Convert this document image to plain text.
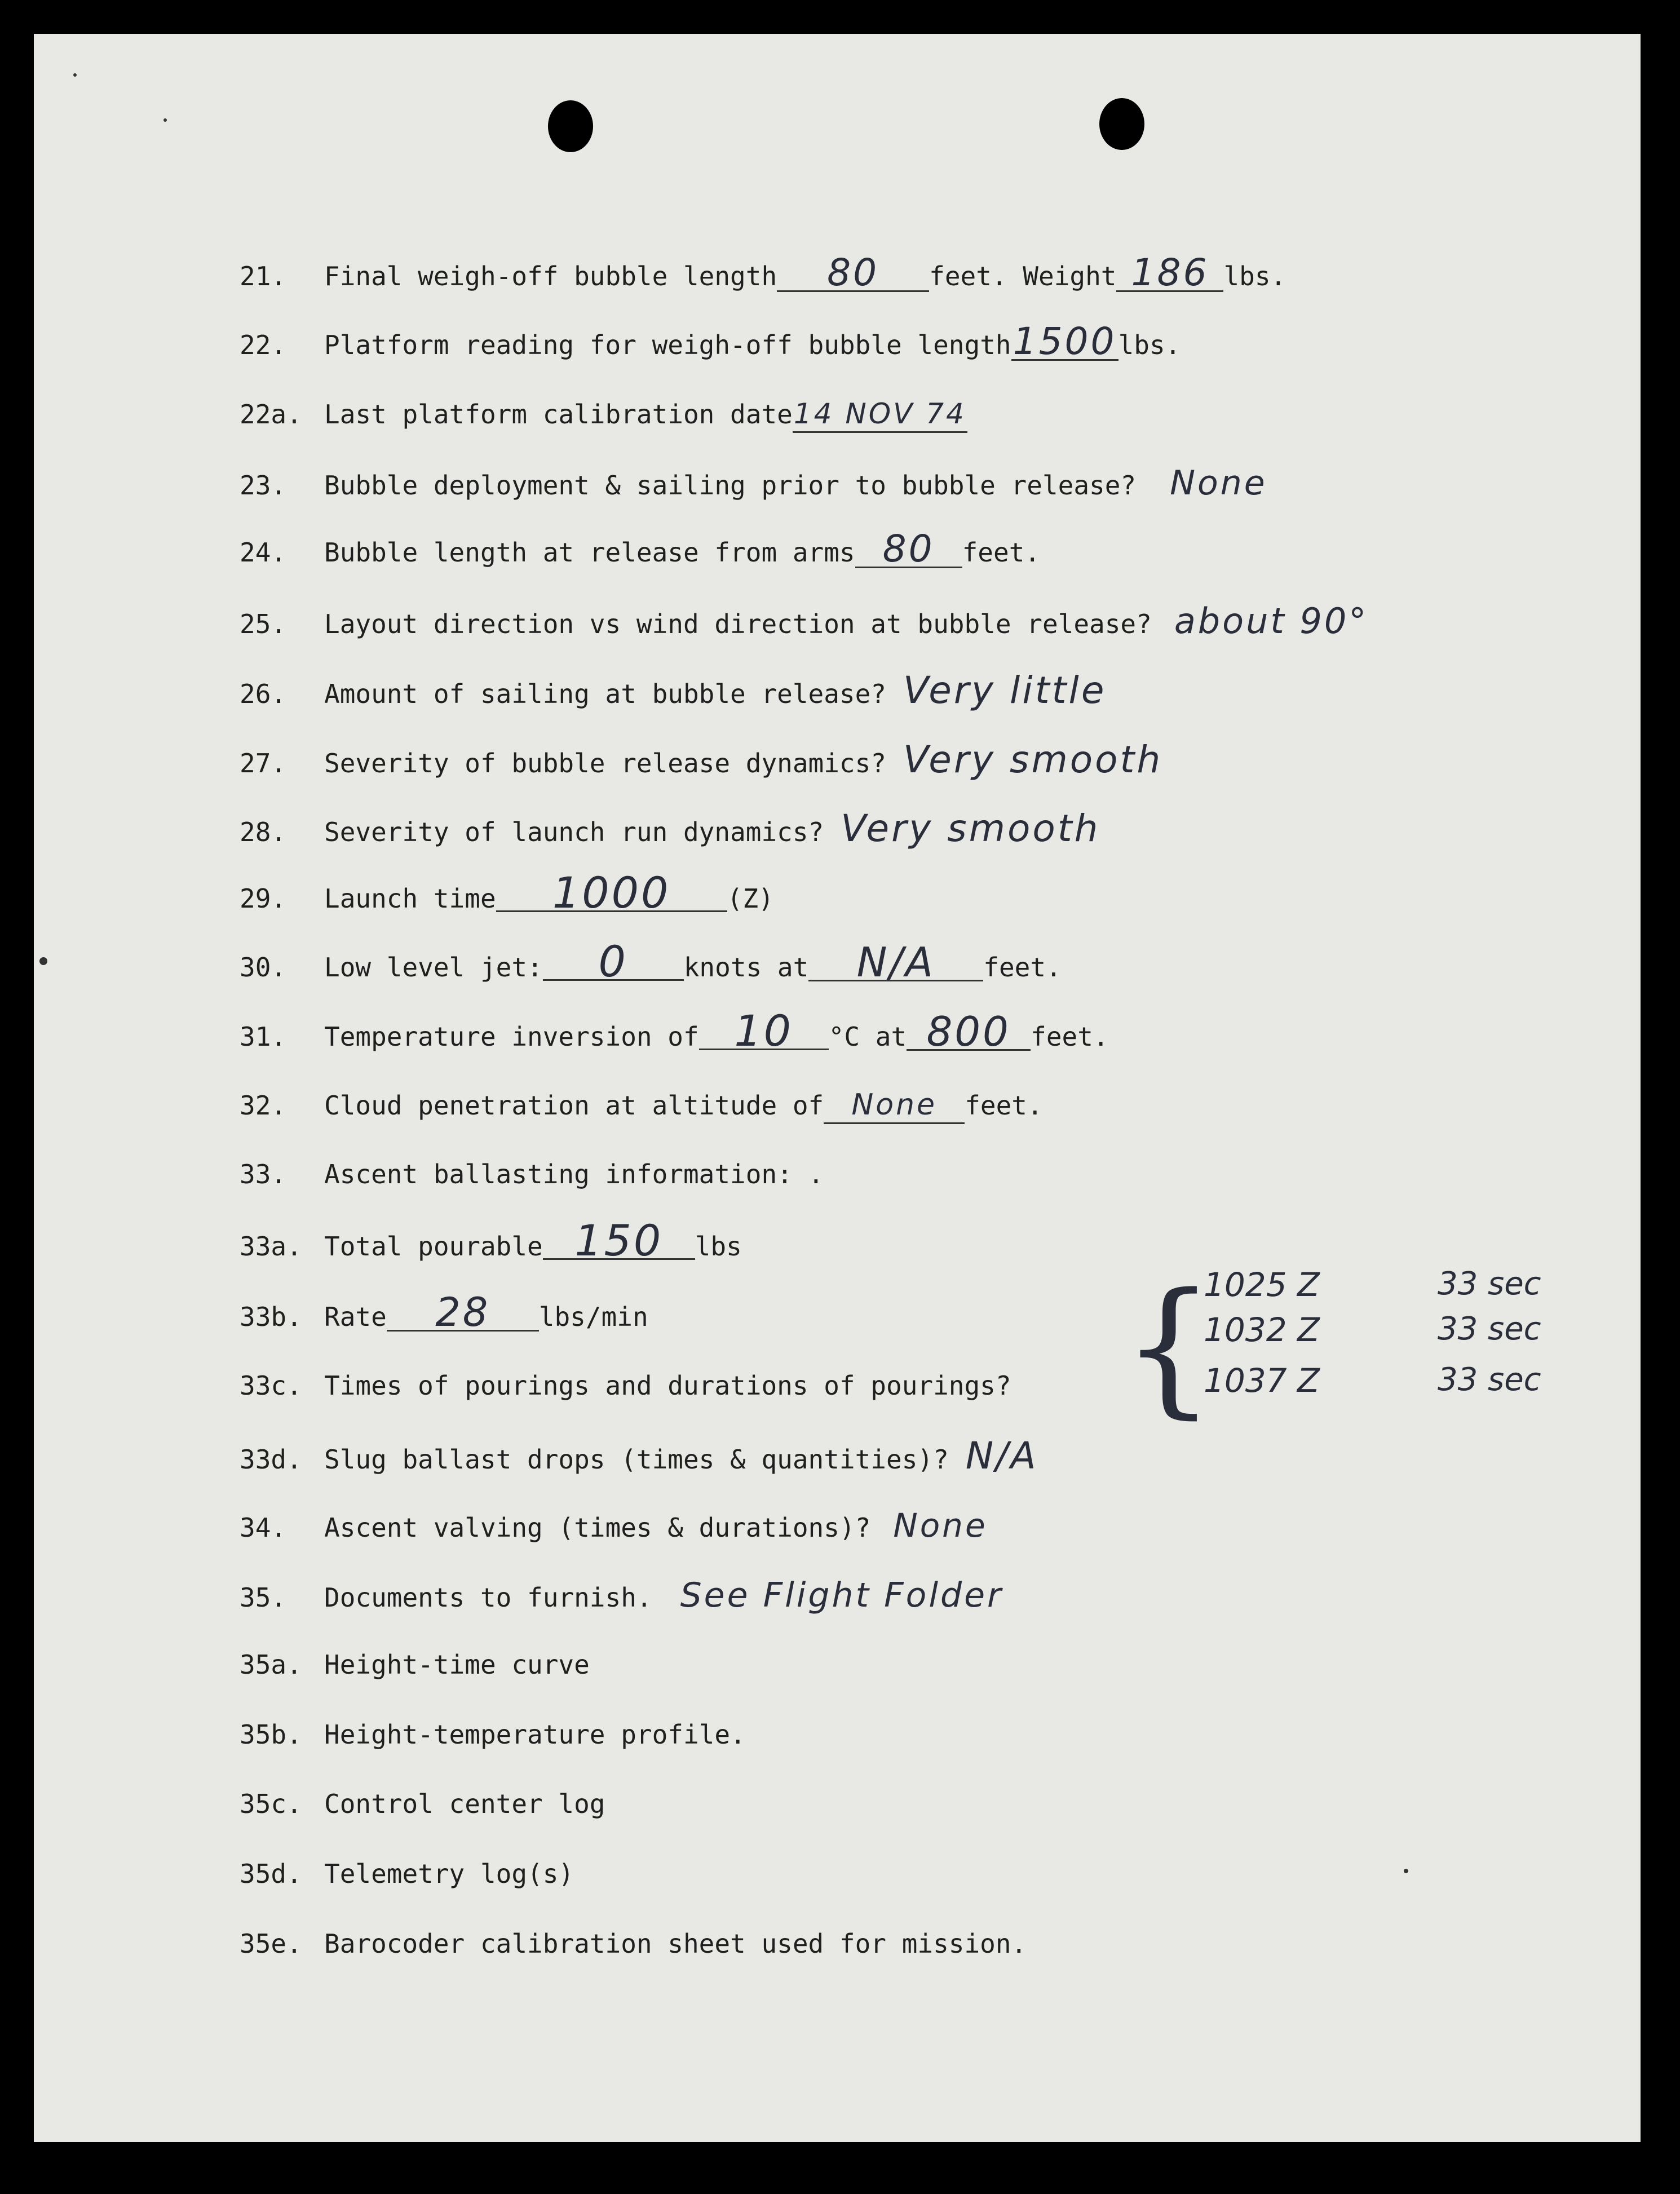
21. Final weigh-off bubble length 80 feet. Weight 186 lbs.
22. Platform reading for weigh-off bubble length1500lbs.
22a. Last platform calibration date14 NOV 74
23. Bubble deployment & sailing prior to bubble release? None
24. Bubble length at release from arms 80 feet.
25. Layout direction vs wind direction at bubble release? about 90°
26. Amount of sailing at bubble release? Very little
27. Severity of bubble release dynamics? Very smooth
28. Severity of launch run dynamics? Very smooth
29. Launch time 1000 (Z)
30. Low level jet: 0 knots at N/A feet.
31. Temperature inversion of 10 °C at 800 feet.
32. Cloud penetration at altitude of None feet.
33. Ascent ballasting information: .
33a. Total pourable 150 lbs
33b. Rate 28 lbs/min
33c. Times of pourings and durations of pourings?
33d. Slug ballast drops (times & quantities)? N/A
34. Ascent valving (times & durations)? None
35. Documents to furnish. See Flight Folder
35a. Height-time curve
35b. Height-temperature profile.
35c. Control center log
35d. Telemetry log(s)
35e. Barocoder calibration sheet used for mission.
{
1025 Z	33 sec
1032 Z	33 sec
1037 Z	33 sec
